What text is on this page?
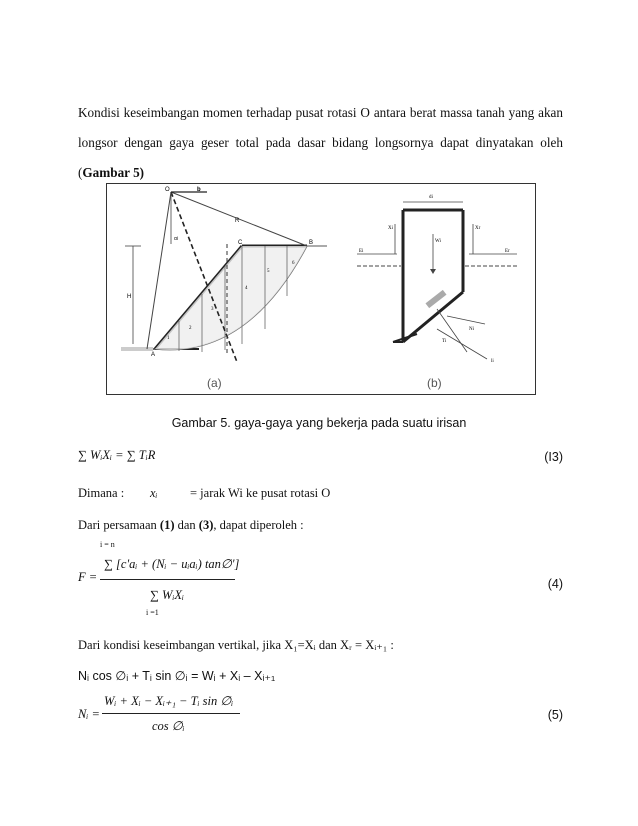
Kondisi keseimbangan momen terhadap pusat rotasi O antara berat massa tanah yang akan longsor dengan gaya geser total pada dasar bidang longsornya dapat dinyatakan oleh (Gambar 5)
O	b
R
B
C
A
H
αi
1
2
3
4
5
6
(a)
di
Xi	Xr
Wi
Ei	Er
Ni
Ti
li
(b)
Gambar 5. gaya-gaya yang bekerja pada suatu irisan
∑ WᵢXᵢ = ∑ TᵢR	(I3)
Dimana : xᵢ	= jarak Wi ke pusat rotasi O
Dari persamaan (1) dan (3), dapat diperoleh :
F =
i = n
∑ [c'aᵢ + (Nᵢ − uᵢaᵢ) tan∅']
∑ WᵢXᵢ
i =1
(4)
Dari kondisi keseimbangan vertikal, jika X₁=Xᵢ dan Xᵣ = Xᵢ₊₁ :
Nᵢ cos ∅ᵢ + Tᵢ sin ∅ᵢ = Wᵢ + Xᵢ – Xᵢ₊₁
Nᵢ =
Wᵢ + Xᵢ − Xᵢ₊₁ − Tᵢ sin ∅ᵢ
cos ∅ᵢ
(5)
